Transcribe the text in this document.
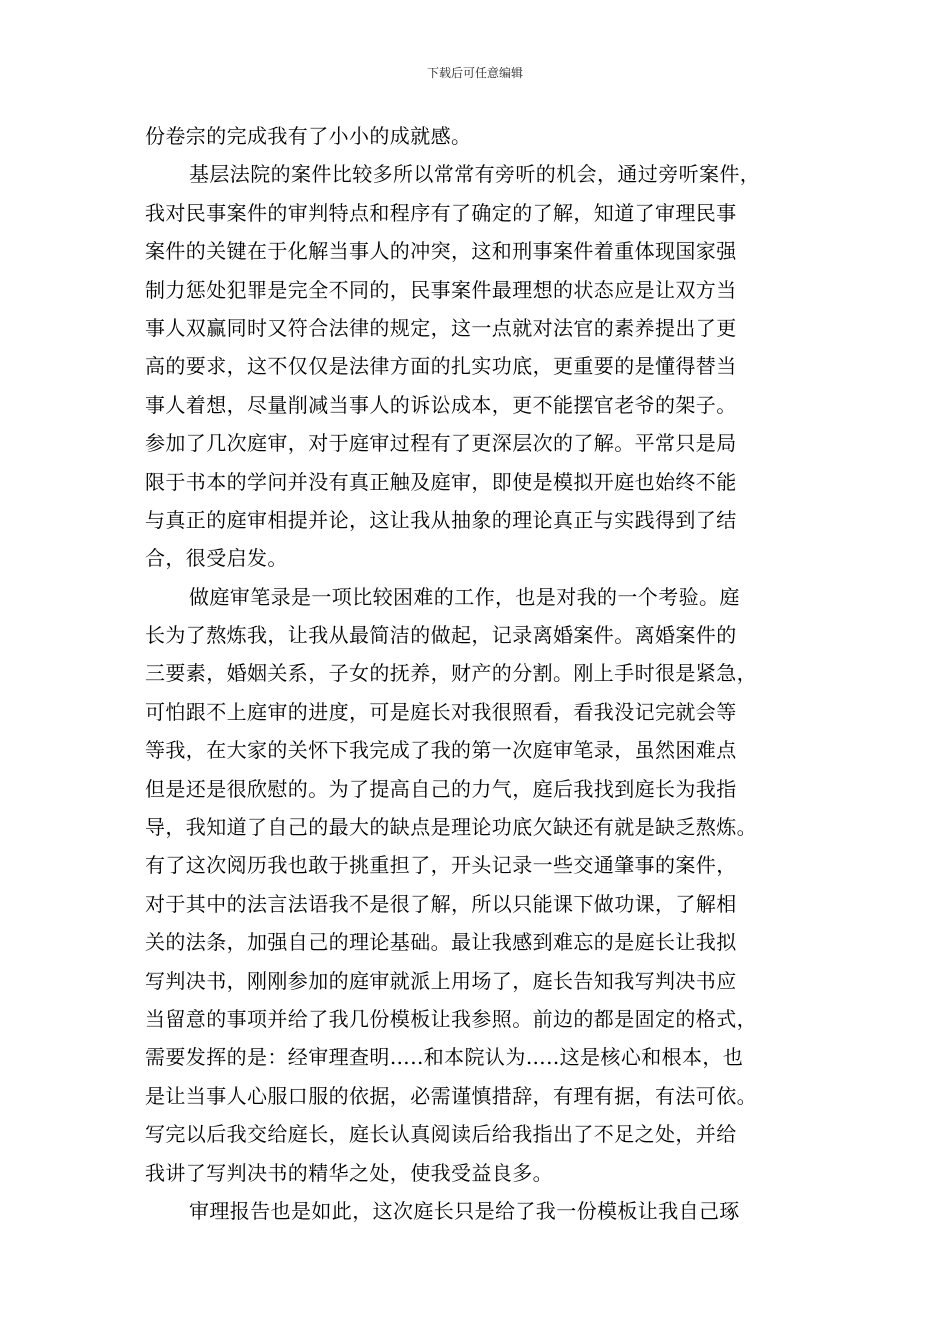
下载后可任意编辑
份卷宗的完成我有了小小的成就感。
基层法院的案件比较多所以常常有旁听的机会，通过旁听案件，
我对民事案件的审判特点和程序有了确定的了解，知道了审理民事
案件的关键在于化解当事人的冲突，这和刑事案件着重体现国家强
制力惩处犯罪是完全不同的，民事案件最理想的状态应是让双方当
事人双赢同时又符合法律的规定，这一点就对法官的素养提出了更
高的要求，这不仅仅是法律方面的扎实功底，更重要的是懂得替当
事人着想，尽量削减当事人的诉讼成本，更不能摆官老爷的架子。
参加了几次庭审，对于庭审过程有了更深层次的了解。平常只是局
限于书本的学问并没有真正触及庭审，即使是模拟开庭也始终不能
与真正的庭审相提并论，这让我从抽象的理论真正与实践得到了结
合，很受启发。
做庭审笔录是一项比较困难的工作，也是对我的一个考验。庭
长为了熬炼我，让我从最简洁的做起，记录离婚案件。离婚案件的
三要素，婚姻关系，子女的抚养，财产的分割。刚上手时很是紧急，
可怕跟不上庭审的进度，可是庭长对我很照看，看我没记完就会等
等我，在大家的关怀下我完成了我的第一次庭审笔录，虽然困难点
但是还是很欣慰的。为了提高自己的力气，庭后我找到庭长为我指
导，我知道了自己的最大的缺点是理论功底欠缺还有就是缺乏熬炼。
有了这次阅历我也敢于挑重担了，开头记录一些交通肇事的案件，
对于其中的法言法语我不是很了解，所以只能课下做功课，了解相
关的法条，加强自己的理论基础。最让我感到难忘的是庭长让我拟
写判决书，刚刚参加的庭审就派上用场了，庭长告知我写判决书应
当留意的事项并给了我几份模板让我参照。前边的都是固定的格式，
需要发挥的是：经审理查明…..和本院认为…..这是核心和根本，也
是让当事人心服口服的依据，必需谨慎措辞，有理有据，有法可依。
写完以后我交给庭长，庭长认真阅读后给我指出了不足之处，并给
我讲了写判决书的精华之处，使我受益良多。
审理报告也是如此，这次庭长只是给了我一份模板让我自己琢
